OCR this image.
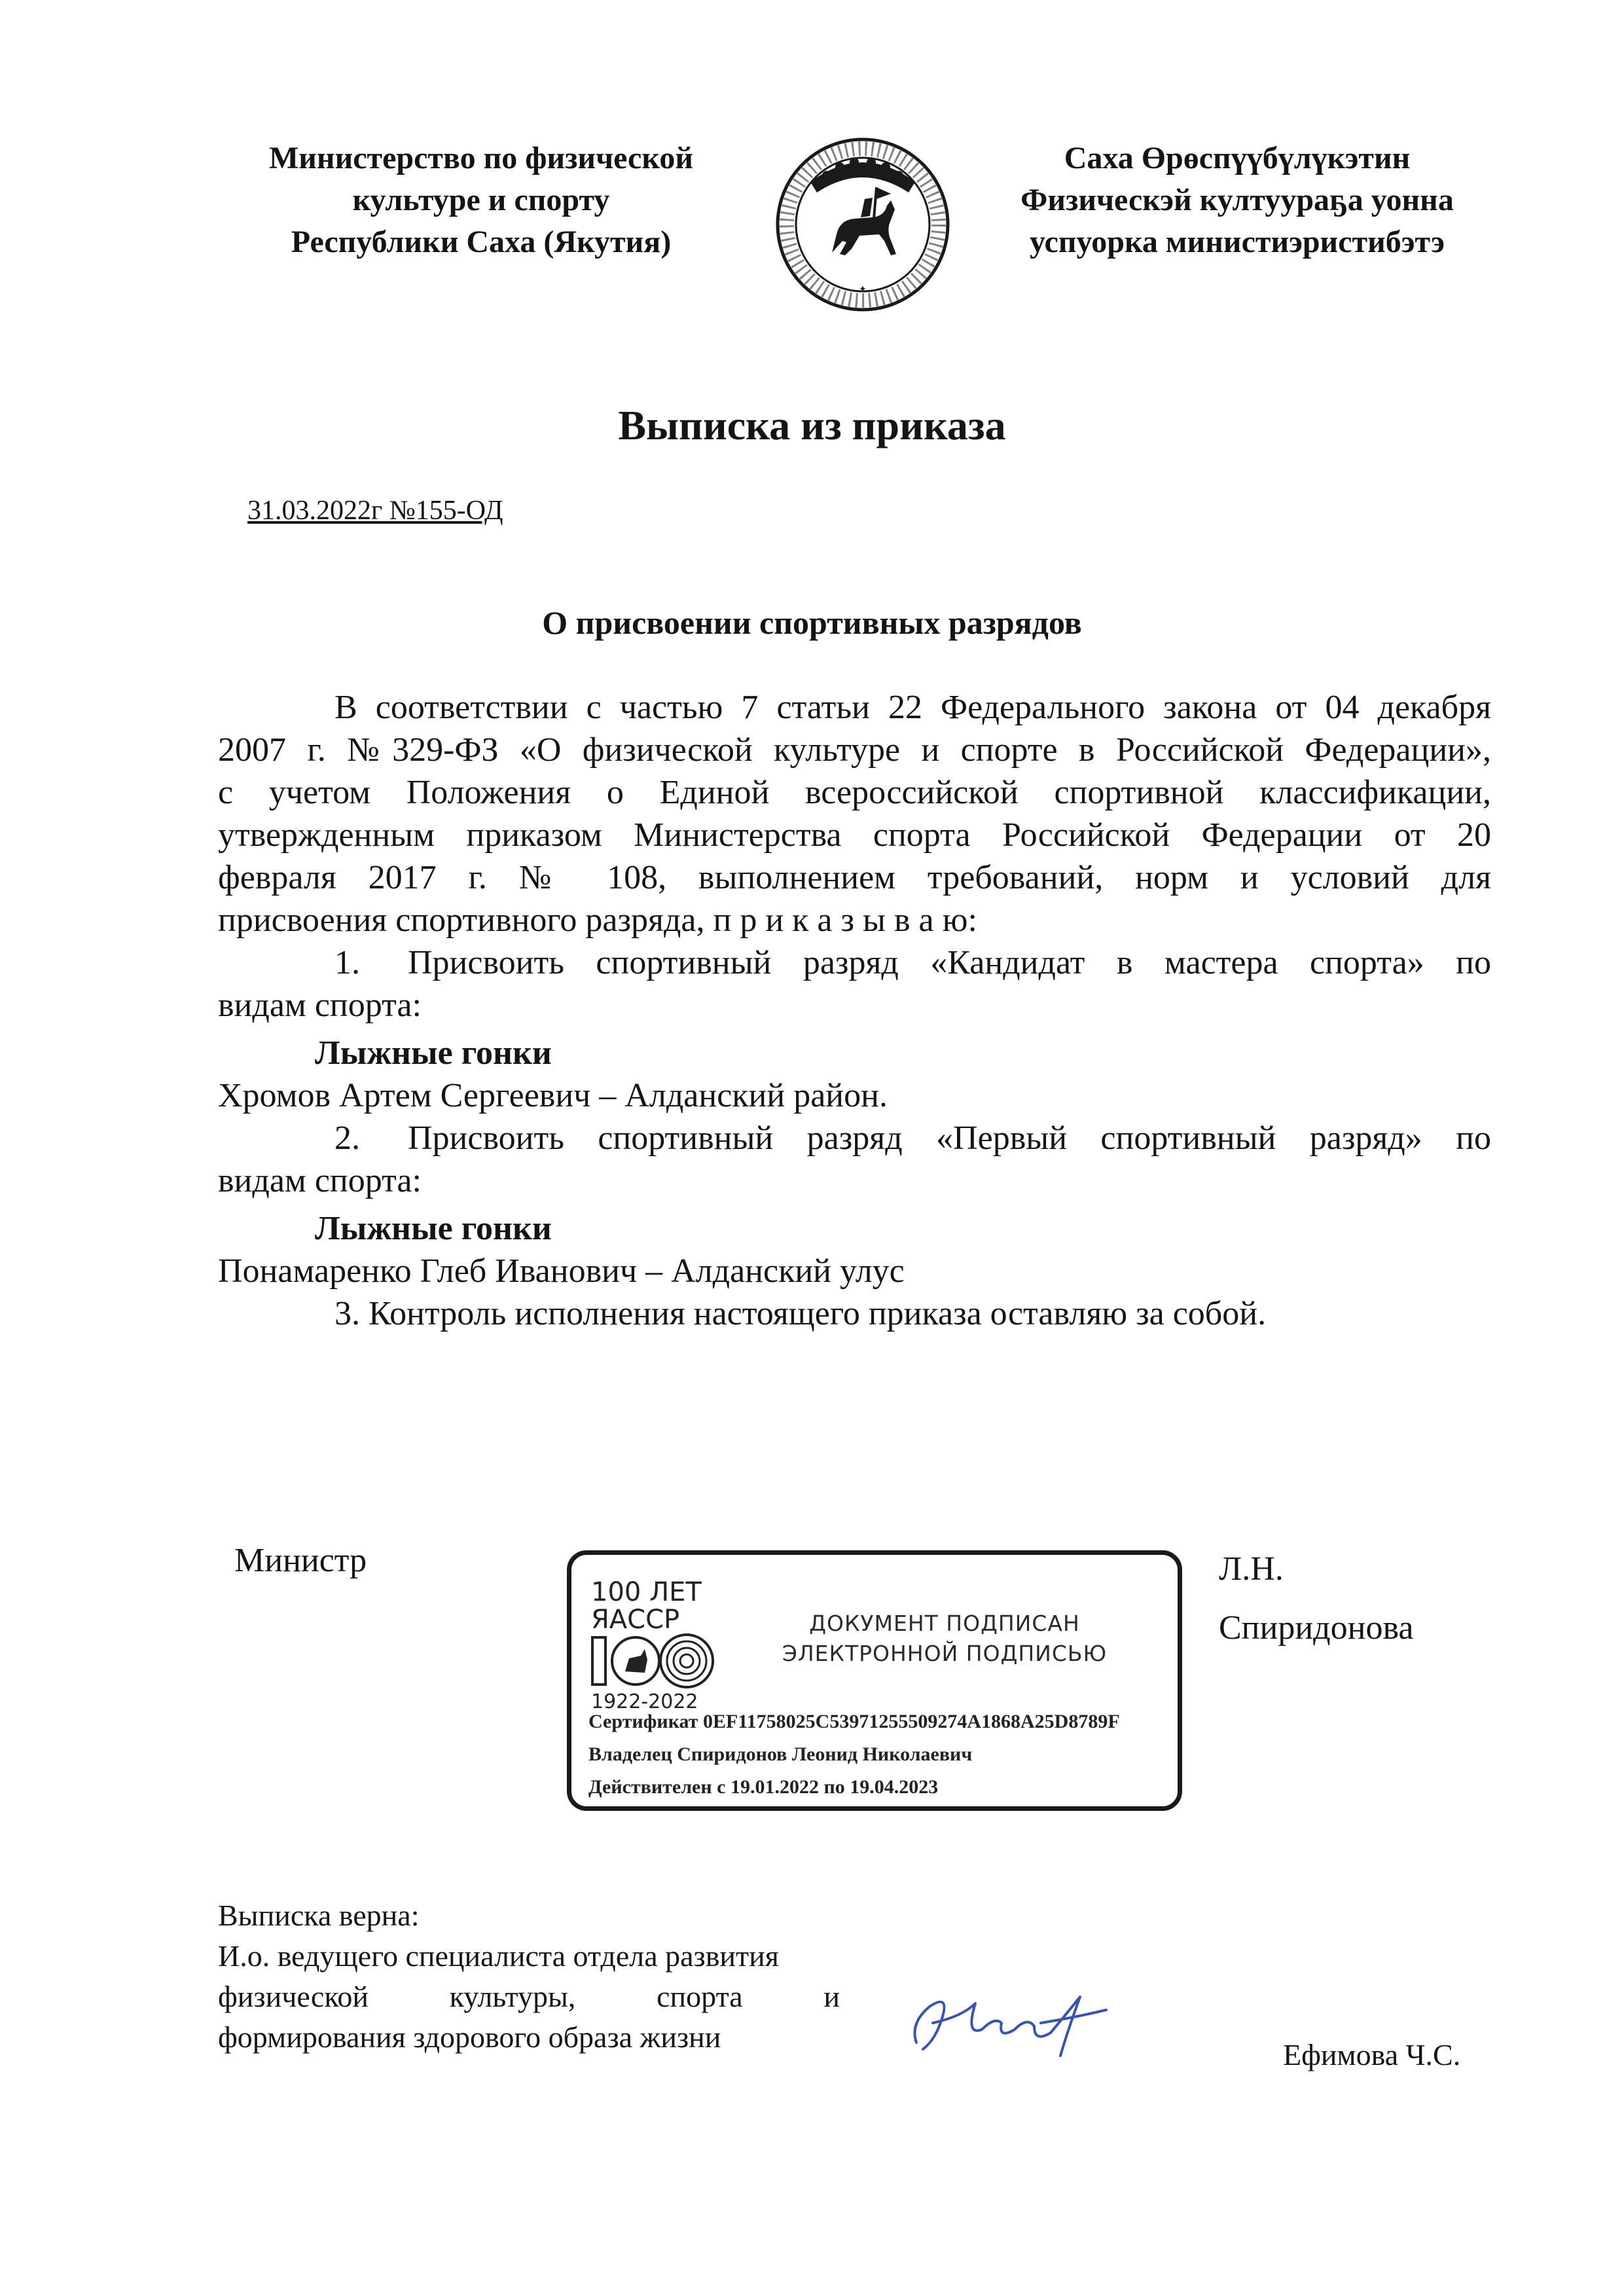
Министерство по физической
культуре и спорту
Республики Саха (Якутия)
✦
Саха Өрөспүүбүлүкэтин
Физическэй култуураҕа уонна
успуорка министиэристибэтэ
Выписка из приказа
31.03.2022г №155-ОД
О присвоении спортивных разрядов

В соответствии с частью 7 статьи 22 Федерального закона от 04 декабря

2007 г. №329-ФЗ «О физической культуре и спорте в Российской Федерации»,

с учетом Положения о Единой всероссийской спортивной классификации,

утвержденным приказом Министерства спорта Российской Федерации от 20

февраля 2017 г. № 108, выполнением требований, норм и условий для

присвоения спортивного разряда, п р и к а з ы в а ю:

1. Присвоить спортивный разряд «Кандидат в мастера спорта» по

видам спорта:

Лыжные гонки

Хромов Артем Сергеевич – Алданский район.

2. Присвоить спортивный разряд «Первый спортивный разряд» по

видам спорта:

Лыжные гонки

Понамаренко Глеб Иванович – Алданский улус

3. Контроль исполнения настоящего приказа оставляю за собой.

Министр
100 ЛЕТ
ЯАССР
1922-2022
ДОКУМЕНТ ПОДПИСАН
ЭЛЕКТРОННОЙ ПОДПИСЬЮ
Сертификат 0EF11758025C53971255509274A1868A25D8789F
Владелец Спиридонов Леонид Николаевич
Действителен с 19.01.2022 по 19.04.2023
Л.Н.
Спиридонова
Выписка верна:
И.о. ведущего специалиста отдела развития
физической	культуры,	спорта	и
формирования здорового образа жизни
Ефимова Ч.С.
